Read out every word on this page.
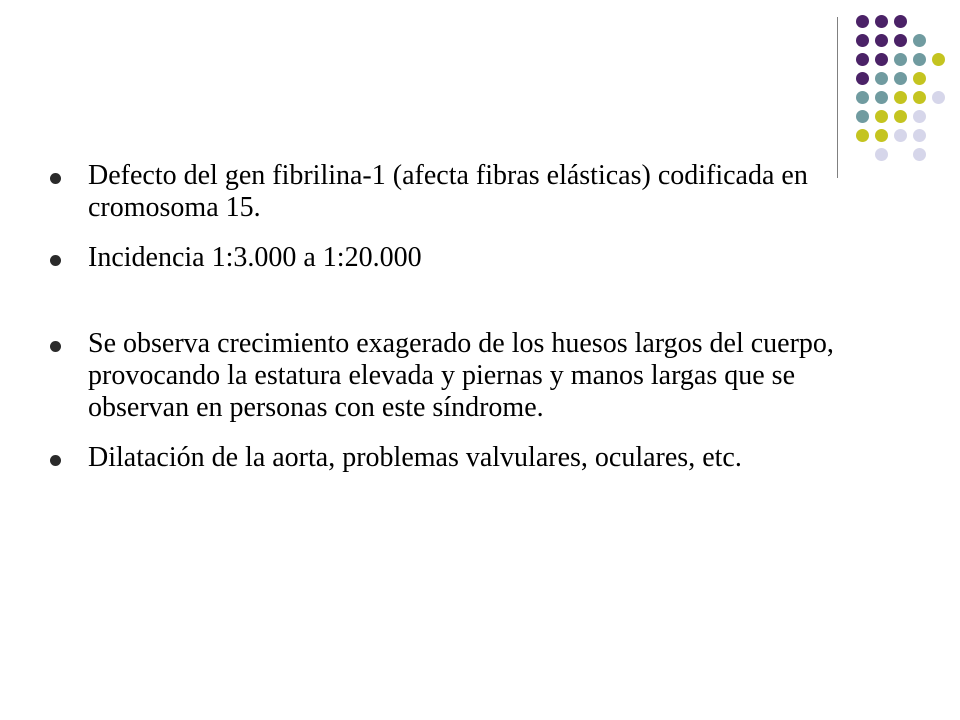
Defecto del gen fibrilina-1 (afecta fibras elásticas) codificada en cromosoma 15.
Incidencia 1:3.000 a 1:20.000
Se observa crecimiento exagerado de los huesos largos del cuerpo, provocando la estatura elevada y piernas y manos largas que se observan en personas con este síndrome.
Dilatación de la aorta, problemas valvulares, oculares, etc.
